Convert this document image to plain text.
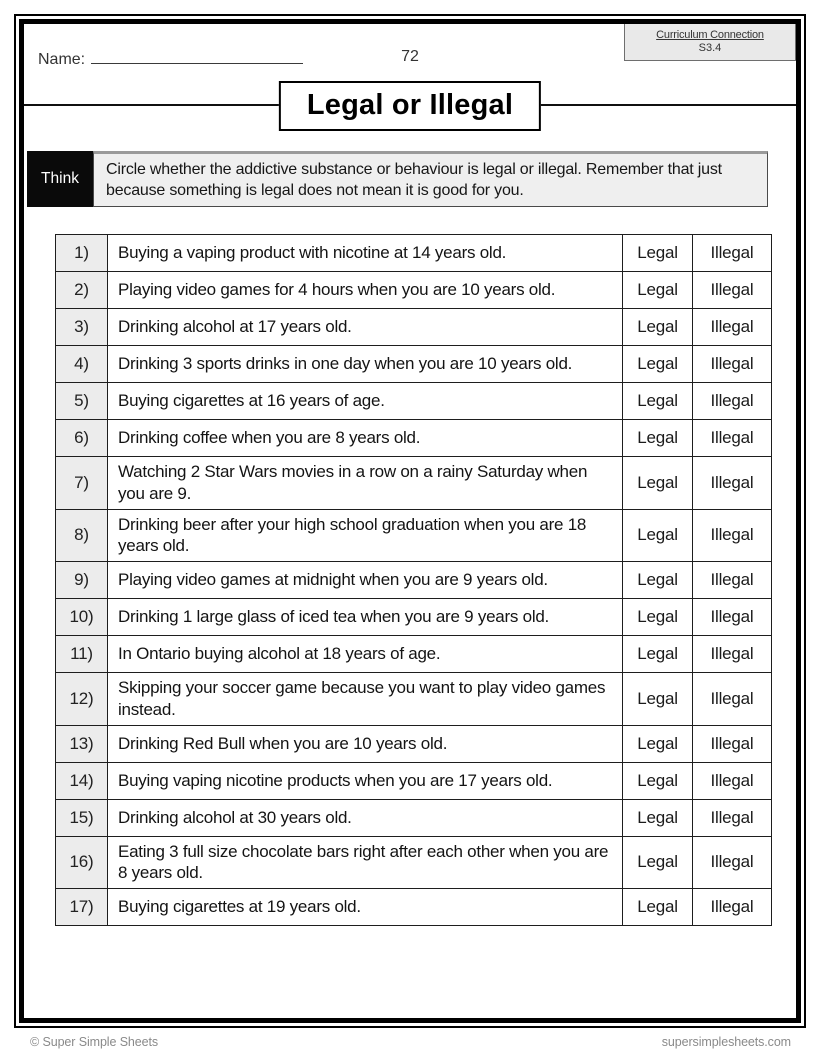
Curriculum Connection
S3.4
Name:	72
Legal or Illegal
Think
Circle whether the addictive substance or behaviour is legal or illegal. Remember that just because something is legal does not mean it is good for you.
1)	Buying a vaping product with nicotine at 14 years old.	Legal	Illegal
2)	Playing video games for 4 hours when you are 10 years old.	Legal	Illegal
3)	Drinking alcohol at 17 years old.	Legal	Illegal
4)	Drinking 3 sports drinks in one day when you are 10 years old.	Legal	Illegal
5)	Buying cigarettes at 16 years of age.	Legal	Illegal
6)	Drinking coffee when you are 8 years old.	Legal	Illegal
7)	Watching 2 Star Wars movies in a row on a rainy Saturday when you are 9.	Legal	Illegal
8)	Drinking beer after your high school graduation when you are 18 years old.	Legal	Illegal
9)	Playing video games at midnight when you are 9 years old.	Legal	Illegal
10)	Drinking 1 large glass of iced tea when you are 9 years old.	Legal	Illegal
11)	In Ontario buying alcohol at 18 years of age.	Legal	Illegal
12)	Skipping your soccer game because you want to play video games instead.	Legal	Illegal
13)	Drinking Red Bull when you are 10 years old.	Legal	Illegal
14)	Buying vaping nicotine products when you are 17 years old.	Legal	Illegal
15)	Drinking alcohol at 30 years old.	Legal	Illegal
16)	Eating 3 full size chocolate bars right after each other when you are 8 years old.	Legal	Illegal
17)	Buying cigarettes at 19 years old.	Legal	Illegal
© Super Simple Sheets	supersimplesheets.com
